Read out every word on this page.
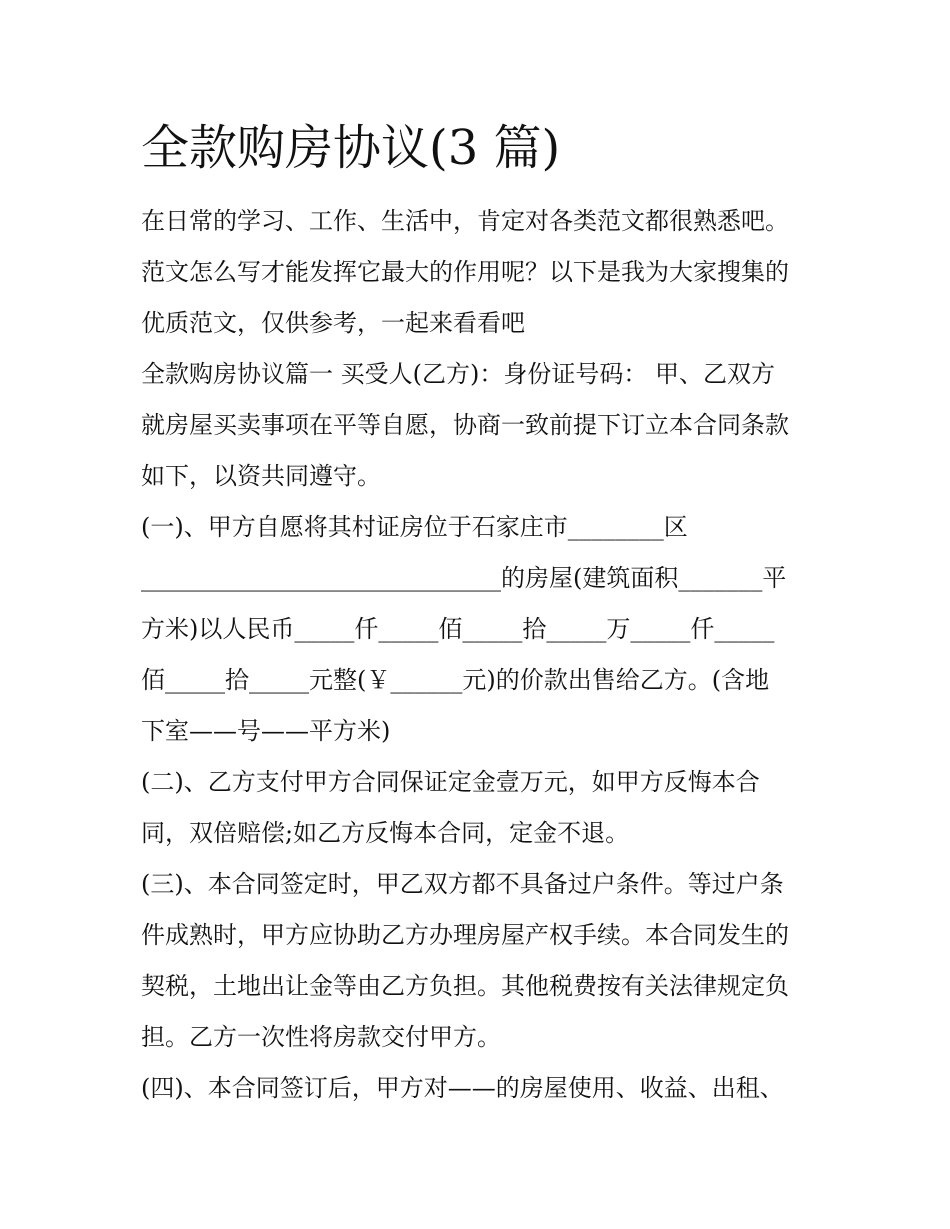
全款购房协议(3 篇)
在日常的学习、工作、生活中，肯定对各类范文都很熟悉吧。
范文怎么写才能发挥它最大的作用呢？以下是我为大家搜集的
优质范文，仅供参考，一起来看看吧
全款购房协议篇一 买受人(乙方)：身份证号码： 甲、乙双方
就房屋买卖事项在平等自愿，协商一致前提下订立本合同条款
如下，以资共同遵守。
(一)、甲方自愿将其村证房位于石家庄市________区
______________________________的房屋(建筑面积_______平
方米)以人民币_____仟_____佰_____拾_____万_____仟_____
佰_____拾_____元整(￥______元)的价款出售给乙方。(含地
下室——号——平方米)
(二)、乙方支付甲方合同保证定金壹万元，如甲方反悔本合
同，双倍赔偿;如乙方反悔本合同，定金不退。
(三)、本合同签定时，甲乙双方都不具备过户条件。等过户条
件成熟时，甲方应协助乙方办理房屋产权手续。本合同发生的
契税，土地出让金等由乙方负担。其他税费按有关法律规定负
担。乙方一次性将房款交付甲方。
(四)、本合同签订后，甲方对——的房屋使用、收益、出租、
